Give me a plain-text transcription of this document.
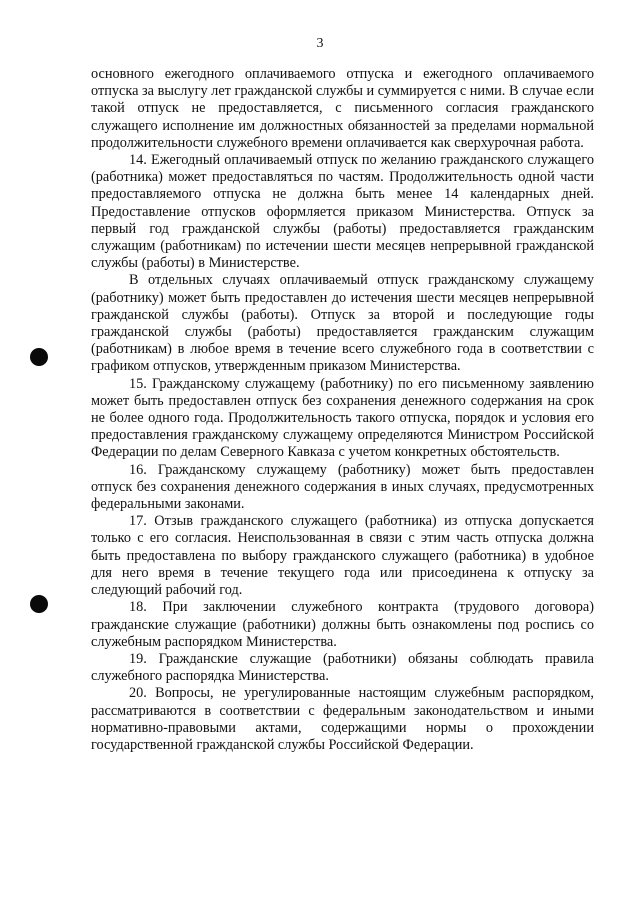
3

основного ежегодного оплачиваемого отпуска и ежегодного оплачиваемого отпуска за выслугу лет гражданской службы и суммируется с ними. В случае если такой отпуск не предоставляется, с письменного согласия гражданского служащего исполнение им должностных обязанностей за пределами нормальной продолжительности служебного времени оплачивается как сверхурочная работа.

14. Ежегодный оплачиваемый отпуск по желанию гражданского служащего (работника) может предоставляться по частям. Продолжительность одной части предоставляемого отпуска не должна быть менее 14 календарных дней. Предоставление отпусков оформляется приказом Министерства. Отпуск за первый год гражданской службы (работы) предоставляется гражданским служащим (работникам) по истечении шести месяцев непрерывной гражданской службы (работы) в Министерстве.

В отдельных случаях оплачиваемый отпуск гражданскому служащему (работнику) может быть предоставлен до истечения шести месяцев непрерывной гражданской службы (работы). Отпуск за второй и последующие годы гражданской службы (работы) предоставляется гражданским служащим (работникам) в любое время в течение всего служебного года в соответствии с графиком отпусков, утвержденным приказом Министерства.

15. Гражданскому служащему (работнику) по его письменному заявлению может быть предоставлен отпуск без сохранения денежного содержания на срок не более одного года. Продолжительность такого отпуска, порядок и условия его предоставления гражданскому служащему определяются Министром Российской Федерации по делам Северного Кавказа с учетом конкретных обстоятельств.

16. Гражданскому служащему (работнику) может быть предоставлен отпуск без сохранения денежного содержания в иных случаях, предусмотренных федеральными законами.

17. Отзыв гражданского служащего (работника) из отпуска допускается только с его согласия. Неиспользованная в связи с этим часть отпуска должна быть предоставлена по выбору гражданского служащего (работника) в удобное для него время в течение текущего года или присоединена к отпуску за следующий рабочий год.

18. При заключении служебного контракта (трудового договора) гражданские служащие (работники) должны быть ознакомлены под роспись со служебным распорядком Министерства.

19. Гражданские служащие (работники) обязаны соблюдать правила служебного распорядка Министерства.

20. Вопросы, не урегулированные настоящим служебным распорядком, рассматриваются в соответствии с федеральным законодательством и иными нормативно-правовыми актами, содержащими нормы о прохождении государственной гражданской службы Российской Федерации.
